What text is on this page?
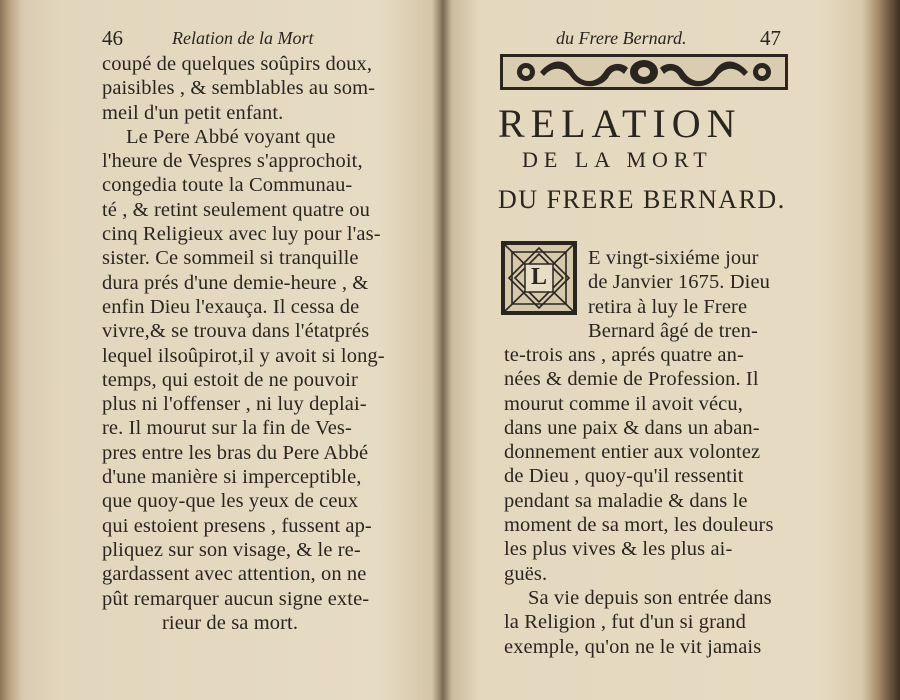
46	Relation de la Mort
coupé de quelques soûpirs doux,
paisibles , & semblables au som-
meil d'un petit enfant.
Le Pere Abbé voyant que
l'heure de Vespres s'approchoit,
congedia toute la Communau-
té , & retint seulement quatre ou
cinq Religieux avec luy pour l'as-
sister. Ce sommeil si tranquille
dura prés d'une demie-heure , &
enfin Dieu l'exauça. Il cessa de
vivre,& se trouva dans l'étatprés
lequel ilsoûpirot,il y avoit si long-
temps, qui estoit de ne pouvoir
plus ni l'offenser , ni luy deplai-
re. Il mourut sur la fin de Ves-
pres entre les bras du Pere Abbé
d'une manière si imperceptible,
que quoy-que les yeux de ceux
qui estoient presens , fussent ap-
pliquez sur son visage, & le re-
gardassent avec attention, on ne
pût remarquer aucun signe exte-
rieur de sa mort.
du Frere Bernard.	47
RELATION
DE LA MORT
DU FRERE BERNARD.
L
E vingt-sixiéme jour
de Janvier 1675. Dieu
retira à luy le Frere
Bernard âgé de tren-
te-trois ans , aprés quatre an-
nées & demie de Profession. Il
mourut comme il avoit vécu,
dans une paix & dans un aban-
donnement entier aux volontez
de Dieu , quoy-qu'il ressentit
pendant sa maladie & dans le
moment de sa mort, les douleurs
les plus vives & les plus ai-
guës.
Sa vie depuis son entrée dans
la Religion , fut d'un si grand
exemple, qu'on ne le vit jamais
